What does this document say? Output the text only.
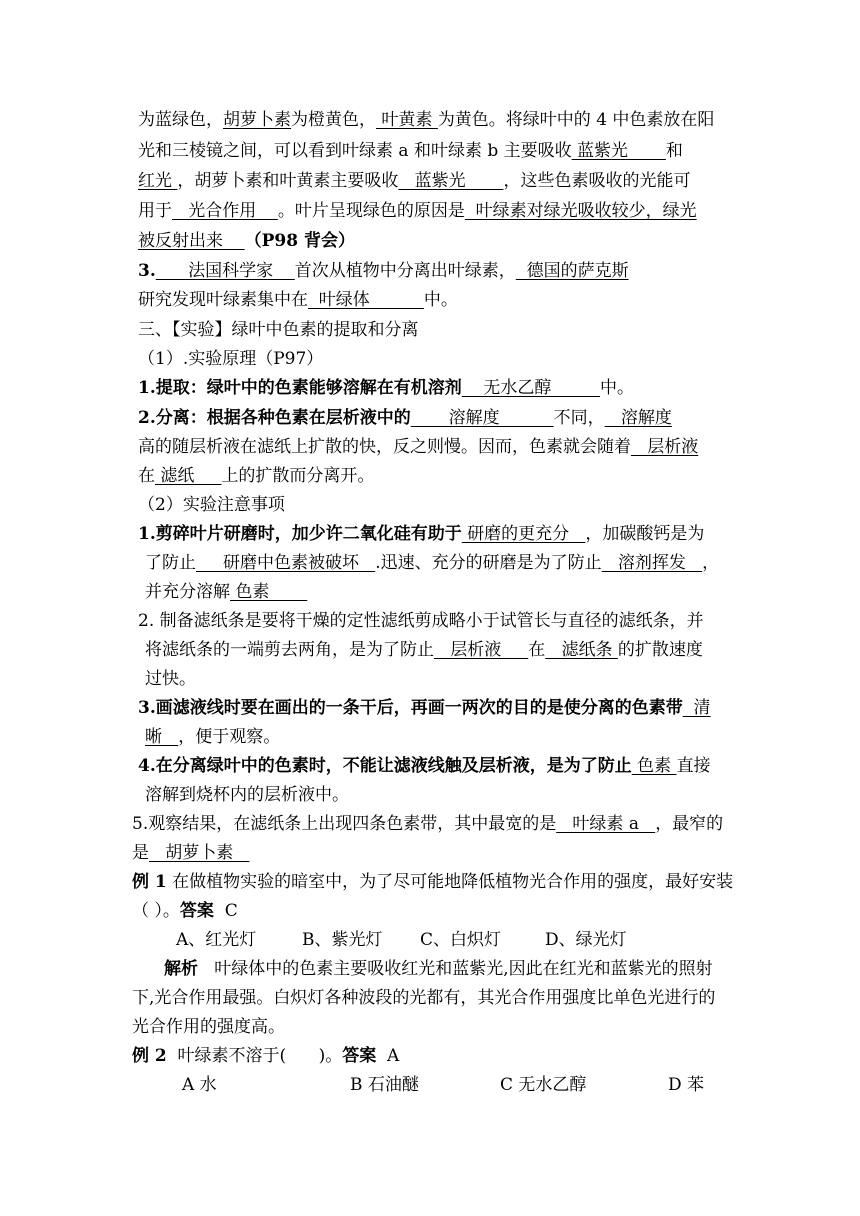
为蓝绿色，胡萝卜素为橙黄色， 叶黄素 为黄色。将绿叶中的 4 中色素放在阳
光和三棱镜之间，可以看到叶绿素 a 和叶绿素 b 主要吸收 蓝紫光       和
红光 ，胡萝卜素和叶黄素主要吸收   蓝紫光       ，这些色素吸收的光能可
用于   光合作用    。叶片呈现绿色的原因是  叶绿素对绿光吸收较少，绿光
被反射出来    （P98 背会）
3.      法国科学家    首次从植物中分离出叶绿素，  德国的萨克斯
研究发现叶绿素集中在  叶绿体          中。
三、【实验】绿叶中色素的提取和分离
（1）.实验原理（P97）
1.提取：绿叶中的色素能够溶解在有机溶剂    无水乙醇         中。
2.分离：根据各种色素在层析液中的       溶解度          不同，   溶解度
高的随层析液在滤纸上扩散的快，反之则慢。因而，色素就会随着   层析液
在 滤纸     上的扩散而分离开。
（2）实验注意事项
1.剪碎叶片研磨时，加少许二氧化硅有助于 研磨的更充分   ，加碳酸钙是为
了防止     研磨中色素被破坏   .迅速、充分的研磨是为了防止   溶剂挥发   ，
并充分溶解 色素
2. 制备滤纸条是要将干燥的定性滤纸剪成略小于试管长与直径的滤纸条，并
将滤纸条的一端剪去两角，是为了防止   层析液     在   滤纸条 的扩散速度
过快。
3.画滤液线时要在画出的一条干后，再画一两次的目的是使分离的色素带  清
晰   ，便于观察。
4.在分离绿叶中的色素时，不能让滤液线触及层析液，是为了防止 色素 直接
溶解到烧杯内的层析液中。
5.观察结果，在滤纸条上出现四条色素带，其中最宽的是   叶绿素 a   ，最窄的
是   胡萝卜素
例 1 在做植物实验的暗室中，为了尽可能地降低植物光合作用的强度，最好安装
（ ）。答案  C
A、红光灯	B、紫光灯 C、白炽灯	D、绿光灯
解析   叶绿体中的色素主要吸收红光和蓝紫光,因此在红光和蓝紫光的照射
下,光合作用最强。白炽灯各种波段的光都有，其光合作用强度比单色光进行的
光合作用的强度高。
例 2  叶绿素不溶于(      )。答案  A
A 水	B 石油醚	C 无水乙醇	D 苯
